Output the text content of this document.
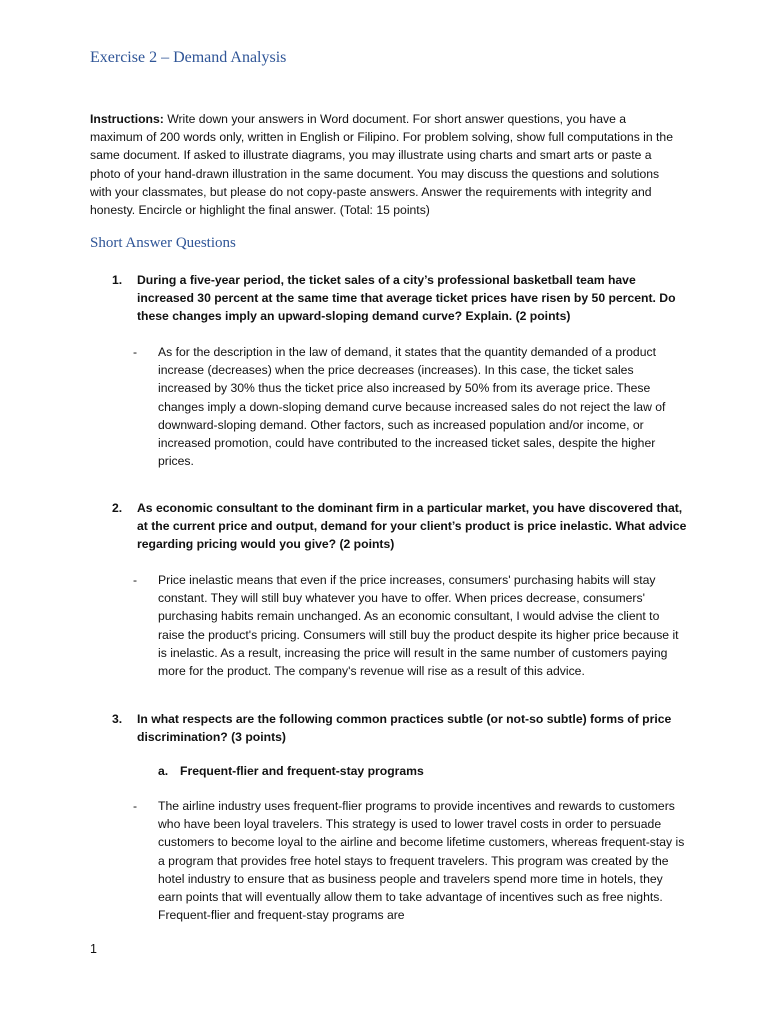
Exercise 2 – Demand Analysis
Instructions: Write down your answers in Word document. For short answer questions, you have a maximum of 200 words only, written in English or Filipino. For problem solving, show full computations in the same document. If asked to illustrate diagrams, you may illustrate using charts and smart arts or paste a photo of your hand-drawn illustration in the same document. You may discuss the questions and solutions with your classmates, but please do not copy-paste answers. Answer the requirements with integrity and honesty. Encircle or highlight the final answer. (Total: 15 points)
Short Answer Questions
1. During a five-year period, the ticket sales of a city’s professional basketball team have increased 30 percent at the same time that average ticket prices have risen by 50 percent. Do these changes imply an upward-sloping demand curve? Explain. (2 points)
- As for the description in the law of demand, it states that the quantity demanded of a product increase (decreases) when the price decreases (increases). In this case, the ticket sales increased by 30% thus the ticket price also increased by 50% from its average price. These changes imply a down-sloping demand curve because increased sales do not reject the law of downward-sloping demand. Other factors, such as increased population and/or income, or increased promotion, could have contributed to the increased ticket sales, despite the higher prices.
2. As economic consultant to the dominant firm in a particular market, you have discovered that, at the current price and output, demand for your client’s product is price inelastic. What advice regarding pricing would you give? (2 points)
- Price inelastic means that even if the price increases, consumers' purchasing habits will stay constant. They will still buy whatever you have to offer. When prices decrease, consumers' purchasing habits remain unchanged. As an economic consultant, I would advise the client to raise the product's pricing. Consumers will still buy the product despite its higher price because it is inelastic. As a result, increasing the price will result in the same number of customers paying more for the product. The company's revenue will rise as a result of this advice.
3. In what respects are the following common practices subtle (or not-so subtle) forms of price discrimination? (3 points)
a. Frequent-flier and frequent-stay programs
- The airline industry uses frequent-flier programs to provide incentives and rewards to customers who have been loyal travelers. This strategy is used to lower travel costs in order to persuade customers to become loyal to the airline and become lifetime customers, whereas frequent-stay is a program that provides free hotel stays to frequent travelers. This program was created by the hotel industry to ensure that as business people and travelers spend more time in hotels, they earn points that will eventually allow them to take advantage of incentives such as free nights. Frequent-flier and frequent-stay programs are
1
